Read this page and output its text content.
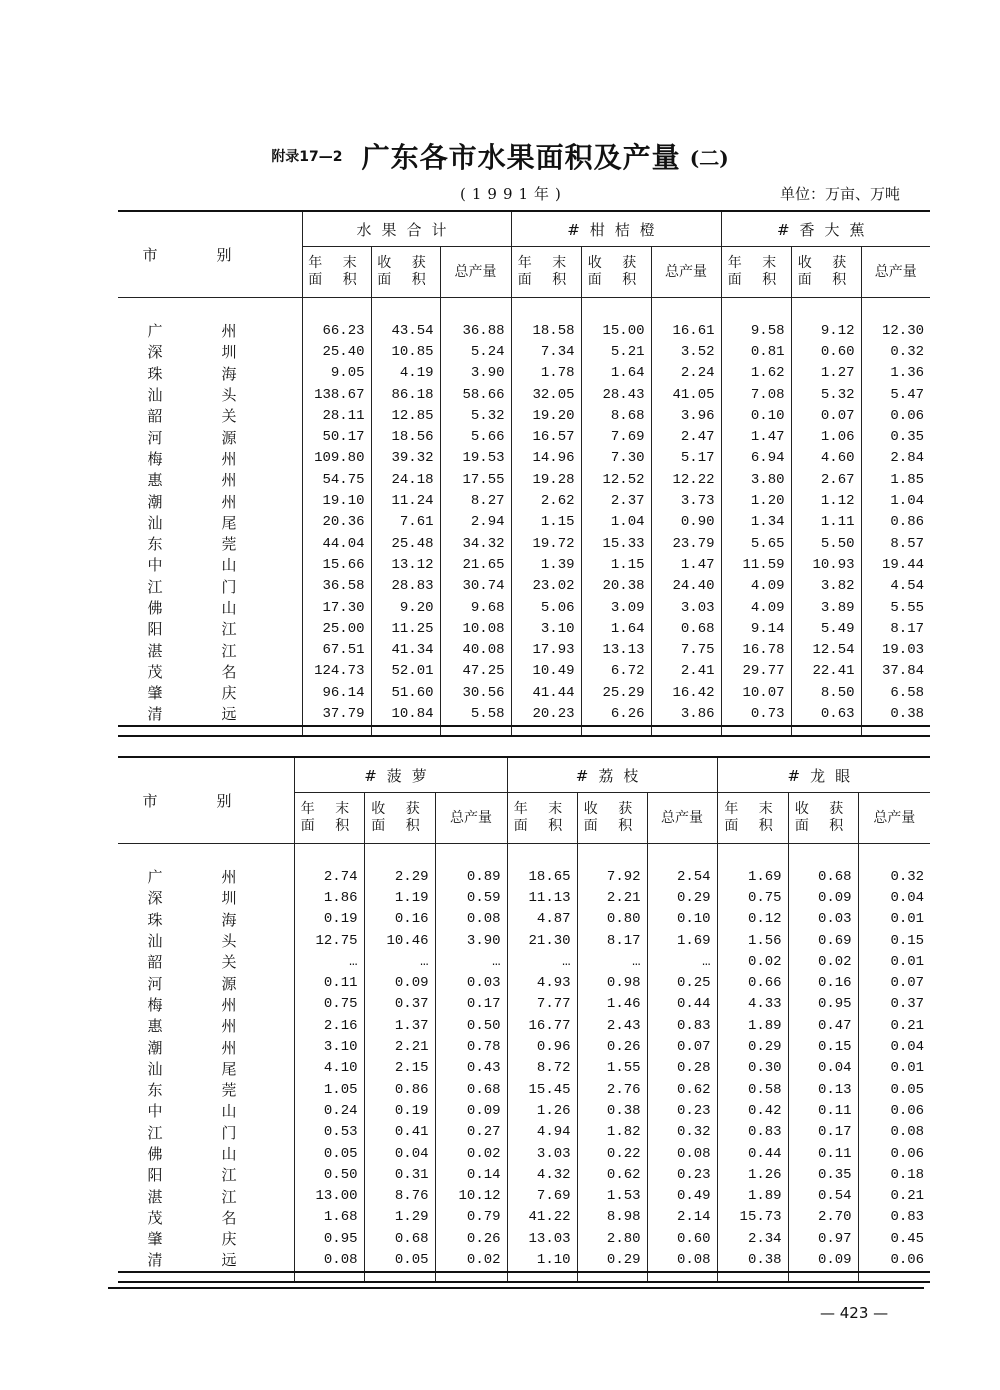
附录17—2 广东各市水果面积及产量 (二)
(1991年)	单位：万亩、万吨
市 别	水果合计			#柑桔橙			#香大蕉		

	年 末
面 积	收 获
面 积	总产量	年 末
面 积	收 获
面 积	总产量	年 末
面 积	收 获
面 积	总产量

广 州	66.23	43.54	36.88	18.58	15.00	16.61	9.58	9.12	12.30
深 圳	25.40	10.85	5.24	7.34	5.21	3.52	0.81	0.60	0.32
珠 海	9.05	4.19	3.90	1.78	1.64	2.24	1.62	1.27	1.36
汕 头	138.67	86.18	58.66	32.05	28.43	41.05	7.08	5.32	5.47
韶 关	28.11	12.85	5.32	19.20	8.68	3.96	0.10	0.07	0.06
河 源	50.17	18.56	5.66	16.57	7.69	2.47	1.47	1.06	0.35
梅 州	109.80	39.32	19.53	14.96	7.30	5.17	6.94	4.60	2.84
惠 州	54.75	24.18	17.55	19.28	12.52	12.22	3.80	2.67	1.85
潮 州	19.10	11.24	8.27	2.62	2.37	3.73	1.20	1.12	1.04
汕 尾	20.36	7.61	2.94	1.15	1.04	0.90	1.34	1.11	0.86
东 莞	44.04	25.48	34.32	19.72	15.33	23.79	5.65	5.50	8.57
中 山	15.66	13.12	21.65	1.39	1.15	1.47	11.59	10.93	19.44
江 门	36.58	28.83	30.74	23.02	20.38	24.40	4.09	3.82	4.54
佛 山	17.30	9.20	9.68	5.06	3.09	3.03	4.09	3.89	5.55
阳 江	25.00	11.25	10.08	3.10	1.64	0.68	9.14	5.49	8.17
湛 江	67.51	41.34	40.08	17.93	13.13	7.75	16.78	12.54	19.03
茂 名	124.73	52.01	47.25	10.49	6.72	2.41	29.77	22.41	37.84
肇 庆	96.14	51.60	30.56	41.44	25.29	16.42	10.07	8.50	6.58
清 远	37.79	10.84	5.58	20.23	6.26	3.86	0.73	0.63	0.38

市 别	#菠萝			#荔枝			#龙眼		

	年 末
面 积	收 获
面 积	总产量	年 末
面 积	收 获
面 积	总产量	年 末
面 积	收 获
面 积	总产量

广 州	2.74	2.29	0.89	18.65	7.92	2.54	1.69	0.68	0.32
深 圳	1.86	1.19	0.59	11.13	2.21	0.29	0.75	0.09	0.04
珠 海	0.19	0.16	0.08	4.87	0.80	0.10	0.12	0.03	0.01
汕 头	12.75	10.46	3.90	21.30	8.17	1.69	1.56	0.69	0.15
韶 关	…	…	…	…	…	…	0.02	0.02	0.01
河 源	0.11	0.09	0.03	4.93	0.98	0.25	0.66	0.16	0.07
梅 州	0.75	0.37	0.17	7.77	1.46	0.44	4.33	0.95	0.37
惠 州	2.16	1.37	0.50	16.77	2.43	0.83	1.89	0.47	0.21
潮 州	3.10	2.21	0.78	0.96	0.26	0.07	0.29	0.15	0.04
汕 尾	4.10	2.15	0.43	8.72	1.55	0.28	0.30	0.04	0.01
东 莞	1.05	0.86	0.68	15.45	2.76	0.62	0.58	0.13	0.05
中 山	0.24	0.19	0.09	1.26	0.38	0.23	0.42	0.11	0.06
江 门	0.53	0.41	0.27	4.94	1.82	0.32	0.83	0.17	0.08
佛 山	0.05	0.04	0.02	3.03	0.22	0.08	0.44	0.11	0.06
阳 江	0.50	0.31	0.14	4.32	0.62	0.23	1.26	0.35	0.18
湛 江	13.00	8.76	10.12	7.69	1.53	0.49	1.89	0.54	0.21
茂 名	1.68	1.29	0.79	41.22	8.98	2.14	15.73	2.70	0.83
肇 庆	0.95	0.68	0.26	13.03	2.80	0.60	2.34	0.97	0.45
清 远	0.08	0.05	0.02	1.10	0.29	0.08	0.38	0.09	0.06

— 423 —
